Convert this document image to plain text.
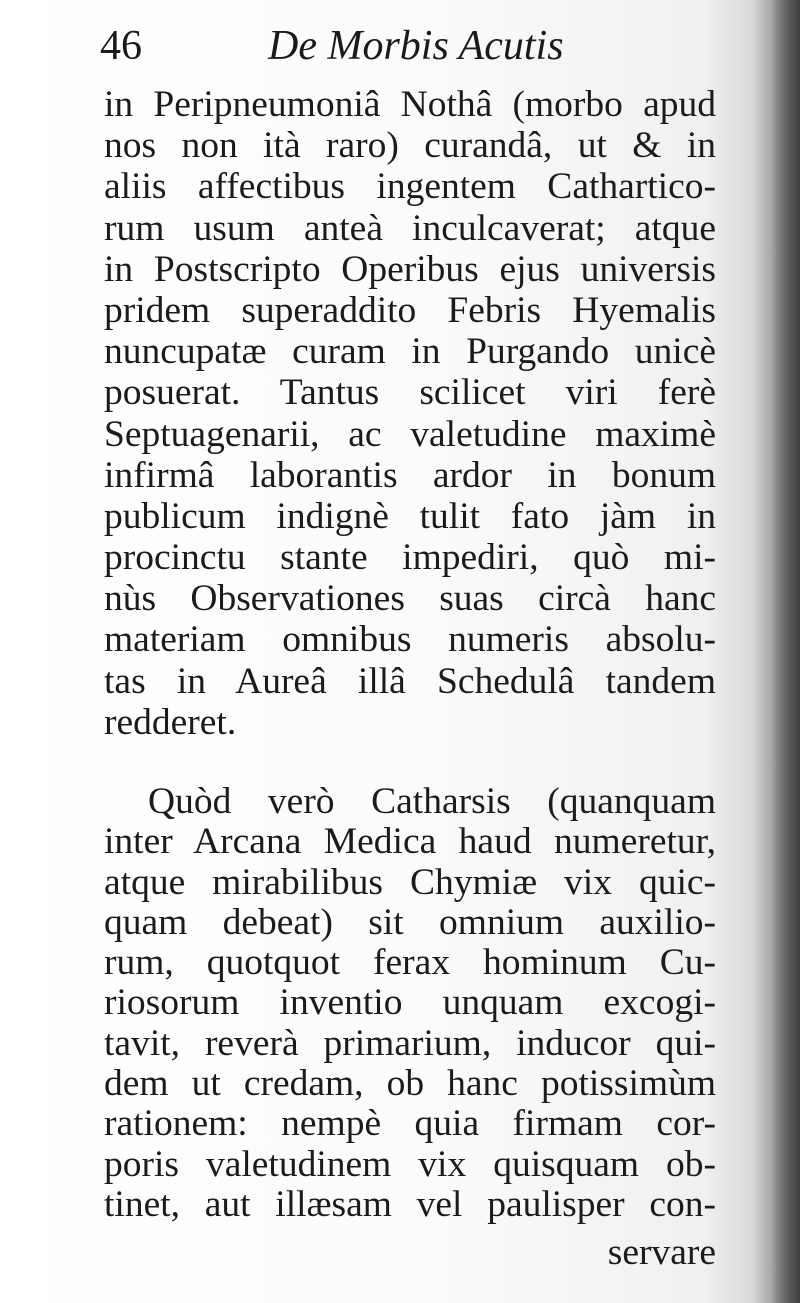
46	De Morbis Acutis
in Peripneumoniâ Nothâ (morbo apud
nos non ità raro) curandâ, ut & in
aliis affectibus ingentem Cathartico-
rum usum anteà inculcaverat; atque
in Postscripto Operibus ejus universis
pridem superaddito Febris Hyemalis
nuncupatæ curam in Purgando unicè
posuerat. Tantus scilicet viri ferè
Septuagenarii, ac valetudine maximè
infirmâ laborantis ardor in bonum
publicum indignè tulit fato jàm in
procinctu stante impediri, quò mi-
nùs Observationes suas circà hanc
materiam omnibus numeris absolu-
tas in Aureâ illâ Schedulâ tandem
redderet.
Quòd verò Catharsis (quanquam
inter Arcana Medica haud numeretur,
atque mirabilibus Chymiæ vix quic-
quam debeat) sit omnium auxilio-
rum, quotquot ferax hominum Cu-
riosorum inventio unquam excogi-
tavit, reverà primarium, inducor qui-
dem ut credam, ob hanc potissimùm
rationem: nempè quia firmam cor-
poris valetudinem vix quisquam ob-
tinet, aut illæsam vel paulisper con-
servare
